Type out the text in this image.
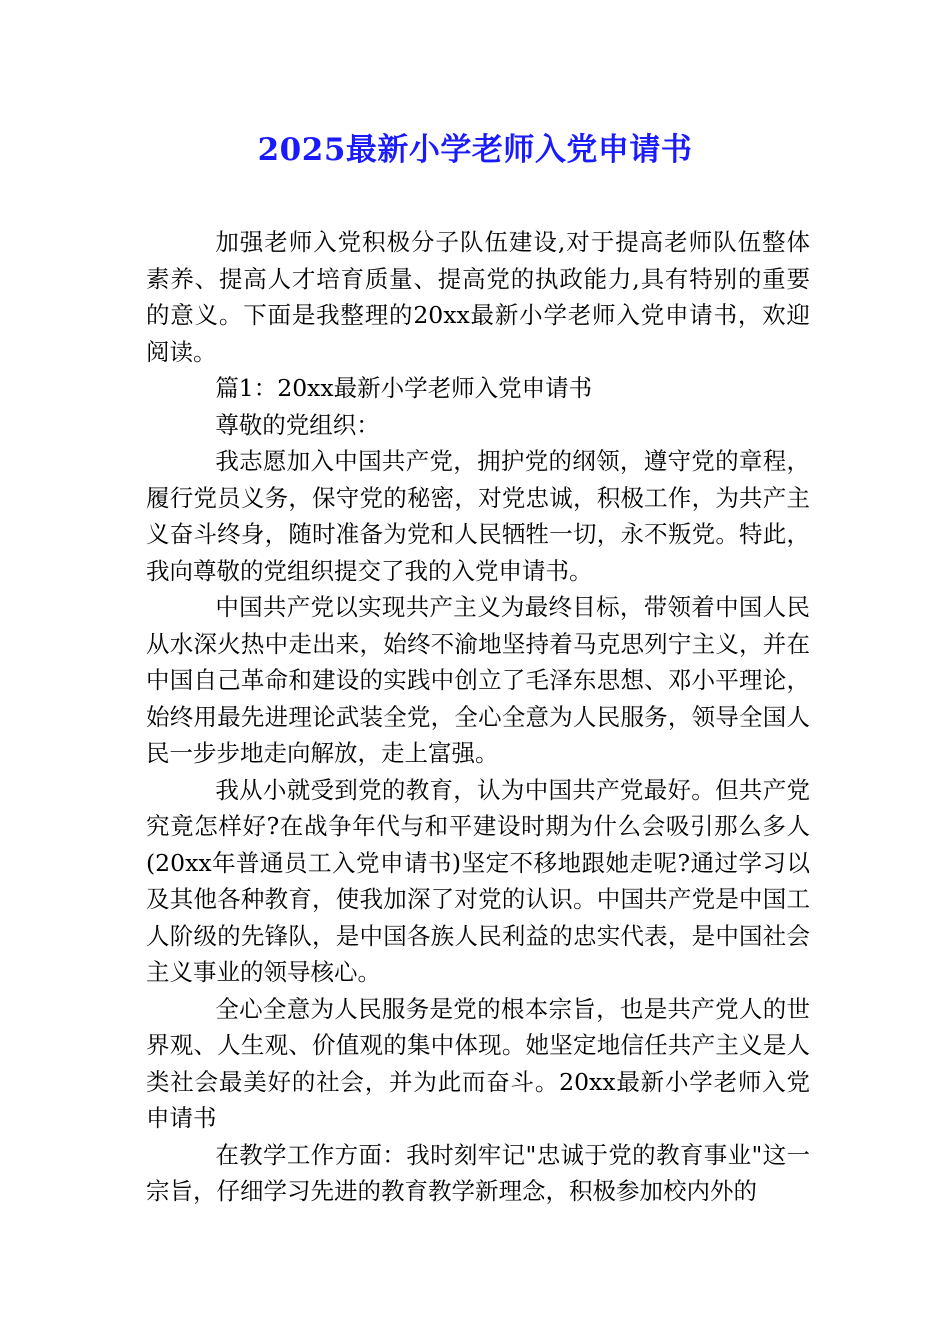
2025最新小学老师入党申请书

加强老师入党积极分子队伍建设,对于提高老师队伍整体素养、提高人才培育质量、提高党的执政能力,具有特别的重要的意义。下面是我整理的20xx最新小学老师入党申请书，欢迎阅读。

篇1：20xx最新小学老师入党申请书

尊敬的党组织：

我志愿加入中国共产党，拥护党的纲领，遵守党的章程，履行党员义务，保守党的秘密，对党忠诚，积极工作，为共产主义奋斗终身，随时准备为党和人民牺牲一切，永不叛党。特此，我向尊敬的党组织提交了我的入党申请书。

中国共产党以实现共产主义为最终目标，带领着中国人民从水深火热中走出来，始终不渝地坚持着马克思列宁主义，并在中国自己革命和建设的实践中创立了毛泽东思想、邓小平理论，始终用最先进理论武装全党，全心全意为人民服务，领导全国人民一步步地走向解放，走上富强。

我从小就受到党的教育，认为中国共产党最好。但共产党究竟怎样好?在战争年代与和平建设时期为什么会吸引那么多人(20xx年普通员工入党申请书)坚定不移地跟她走呢?通过学习以及其他各种教育，使我加深了对党的认识。中国共产党是中国工人阶级的先锋队，是中国各族人民利益的忠实代表，是中国社会主义事业的领导核心。

全心全意为人民服务是党的根本宗旨，也是共产党人的世界观、人生观、价值观的集中体现。她坚定地信任共产主义是人类社会最美好的社会，并为此而奋斗。20xx最新小学老师入党申请书

在教学工作方面：我时刻牢记"忠诚于党的教育事业"这一宗旨，仔细学习先进的教育教学新理念，积极参加校内外的
